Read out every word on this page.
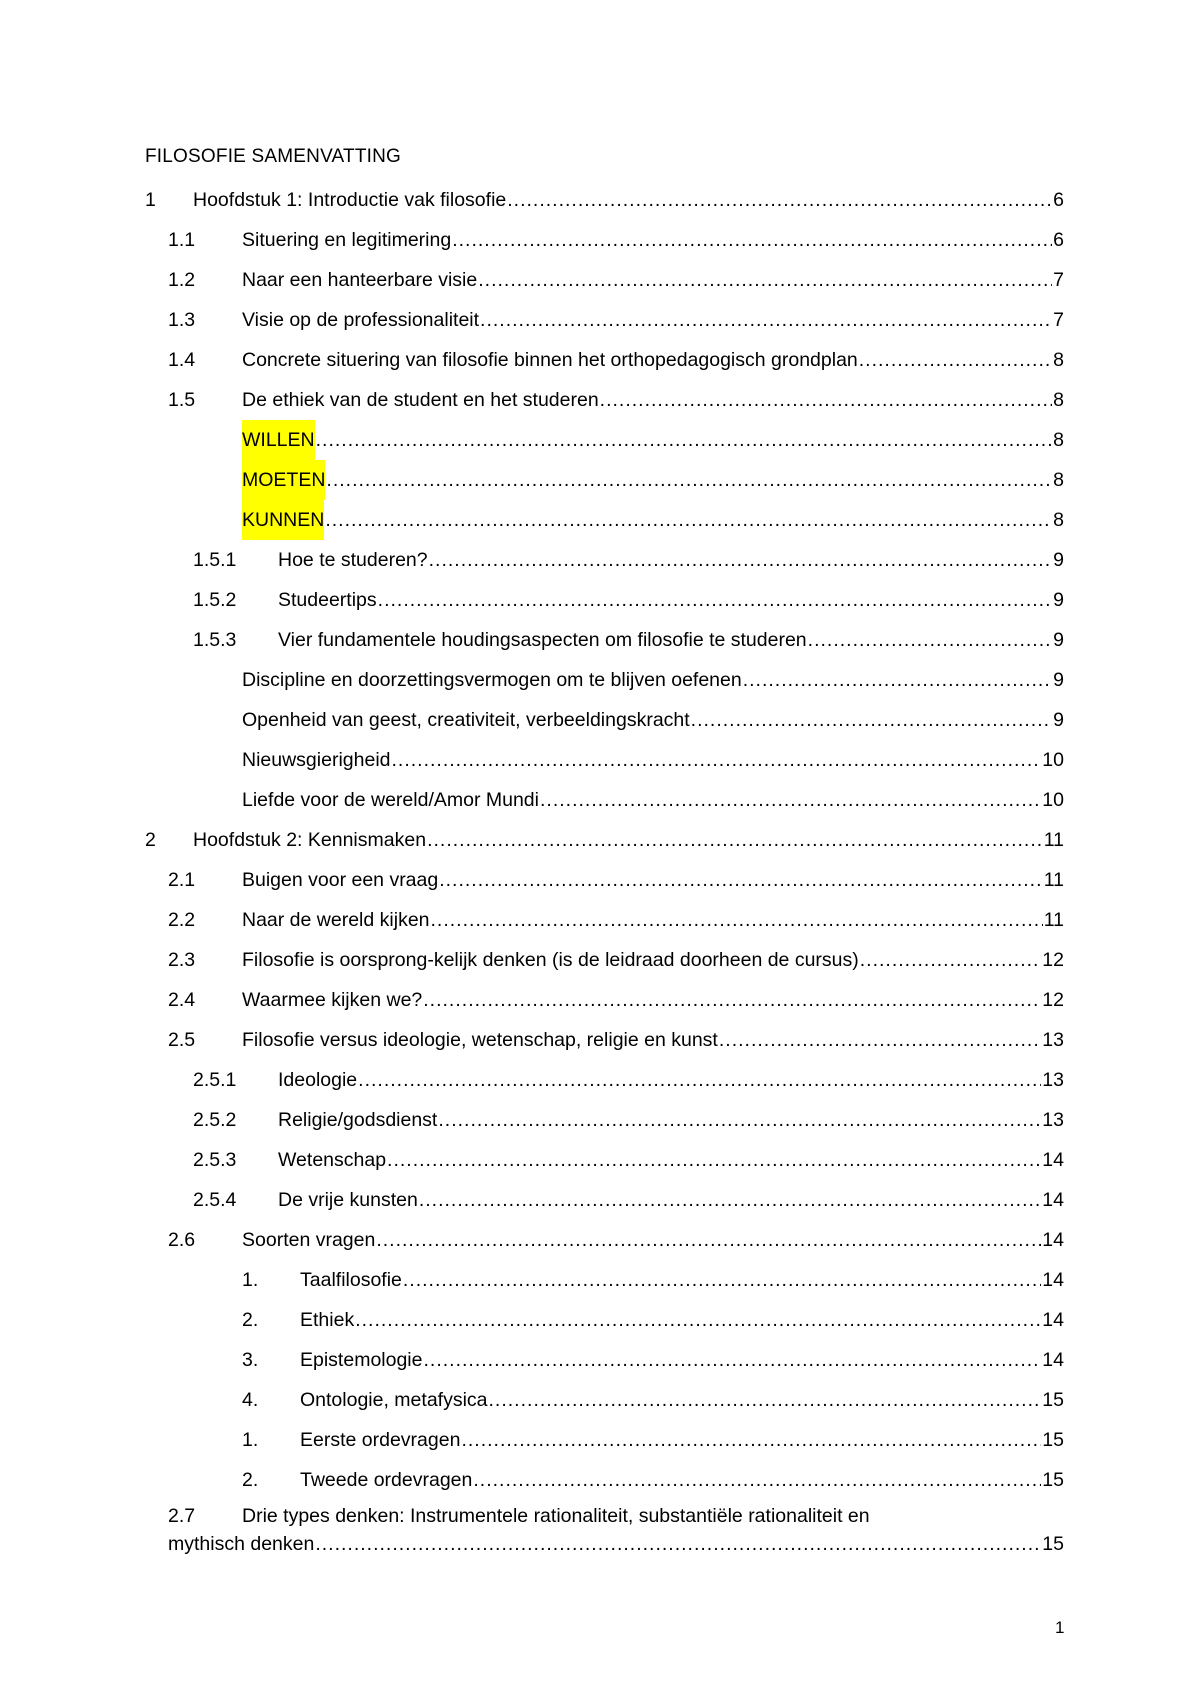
FILOSOFIE SAMENVATTING
1 Hoofdstuk 1: Introductie vak filosofie .....	6
1.1 Situering en legitimering .....	6
1.2 Naar een hanteerbare visie .....	7
1.3 Visie op de professionaliteit .....	7
1.4 Concrete situering van filosofie binnen het orthopedagogisch grondplan .....	8
1.5 De ethiek van de student en het studeren .....	8
WILLEN .....	8
MOETEN .....	8
KUNNEN .....	8
1.5.1 Hoe te studeren? .....	9
1.5.2 Studeertips .....	9
1.5.3 Vier fundamentele houdingsaspecten om filosofie te studeren .....	9
Discipline en doorzettingsvermogen om te blijven oefenen .....	9
Openheid van geest, creativiteit, verbeeldingskracht .....	9
Nieuwsgierigheid .....	10
Liefde voor de wereld/Amor Mundi .....	10
2 Hoofdstuk 2: Kennismaken .....	11
2.1 Buigen voor een vraag .....	11
2.2 Naar de wereld kijken .....	11
2.3 Filosofie is oorsprong-kelijk denken (is de leidraad doorheen de cursus) .....	12
2.4 Waarmee kijken we? .....	12
2.5 Filosofie versus ideologie, wetenschap, religie en kunst .....	13
2.5.1 Ideologie .....	13
2.5.2 Religie/godsdienst .....	13
2.5.3 Wetenschap .....	14
2.5.4 De vrije kunsten .....	14
2.6 Soorten vragen .....	14
1. Taalfilosofie .....	14
2. Ethiek .....	14
3. Epistemologie .....	14
4. Ontologie, metafysica .....	15
1. Eerste ordevragen .....	15
2. Tweede ordevragen .....	15
2.7 Drie types denken: Instrumentele rationaliteit, substantiële rationaliteit en
mythisch denken .....	15
1
